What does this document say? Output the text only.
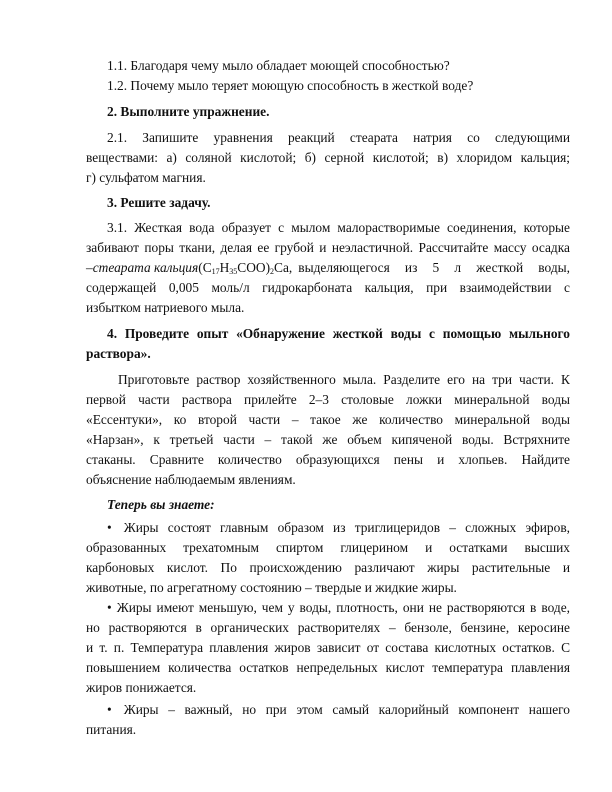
1.1. Благодаря чему мыло обладает моющей способностью?
1.2. Почему мыло теряет моющую способность в жесткой воде?
2. Выполните упражнение.
2.1. Запишите уравнения реакций стеарата натрия со следующими
веществами: а) соляной кислотой; б) серной кислотой; в) хлоридом кальция;
г) сульфатом магния.
3. Решите задачу.
3.1. Жесткая вода образует с мылом малорастворимые соединения, которые
забивают поры ткани, делая ее грубой и неэластичной. Рассчитайте массу осадка
– стеарата кальция $(C_{17}H_{35}COO)_2Ca$, выделяющегося из 5 л жесткой воды,
содержащей 0,005 моль/л гидрокарбоната кальция, при взаимодействии с
избытком натриевого мыла.
4. Проведите опыт «Обнаружение жесткой воды с помощью мыльного
раствора».
Приготовьте раствор хозяйственного мыла. Разделите его на три части. К
первой части раствора прилейте 2–3 столовые ложки минеральной воды
«Ессентуки», ко второй части – такое же количество минеральной воды
«Нарзан», к третьей части – такой же объем кипяченой воды. Встряхните
стаканы. Сравните количество образующихся пены и хлопьев. Найдите
объяснение наблюдаемым явлениям.
Теперь вы знаете:
• Жиры состоят главным образом из триглицеридов – сложных эфиров,
образованных трехатомным спиртом глицерином и остатками высших
карбоновых кислот. По происхождению различают жиры растительные и
животные, по агрегатному состоянию – твердые и жидкие жиры.
• Жиры имеют меньшую, чем у воды, плотность, они не растворяются в воде,
но растворяются в органических растворителях – бензоле, бензине, керосине
и т. п. Температура плавления жиров зависит от состава кислотных остатков. С
повышением количества остатков непредельных кислот температура плавления
жиров понижается.
• Жиры – важный, но при этом самый калорийный компонент нашего
питания.
